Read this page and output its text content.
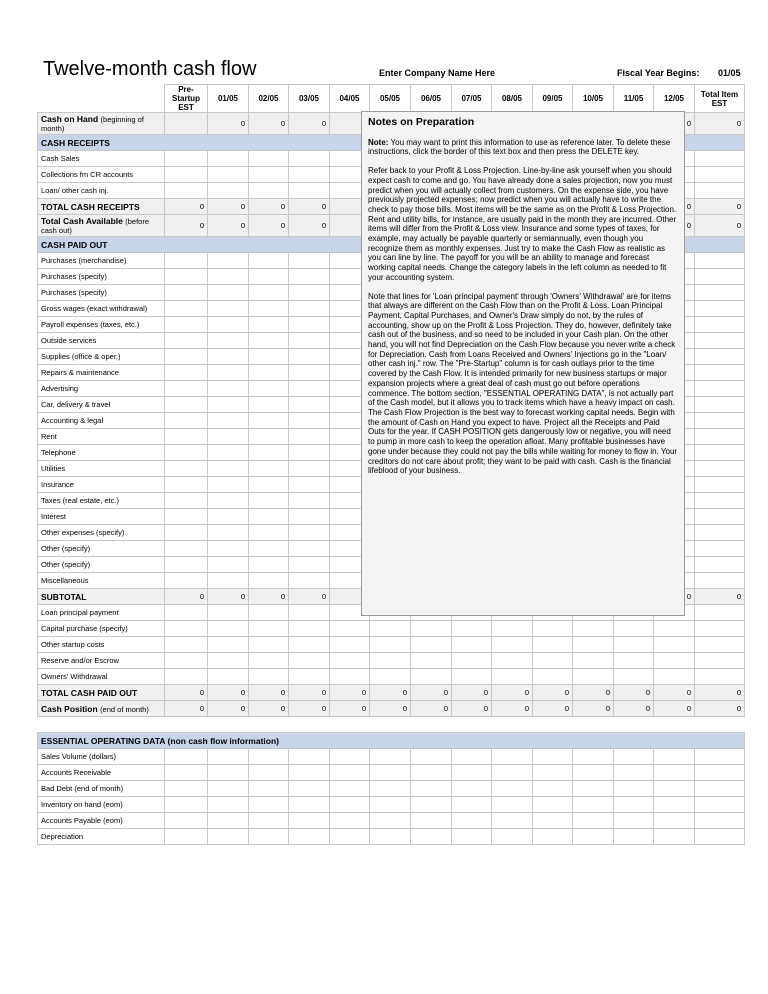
Twelve-month cash flow	Enter Company Name Here	Fiscal Year Begins: 01/05
	Pre-Startup EST	01/05	02/05	03/05	04/05	05/05	06/05	07/05	08/05	09/05	10/05	11/05	12/05	Total Item EST
Cash on Hand (beginning of month)		0	0	0									0	0
CASH RECEIPTS														
Cash Sales														
Collections fm CR accounts														
Loan/ other cash inj.														
TOTAL CASH RECEIPTS	0	0	0	0									0	0
Total Cash Available (before cash out)	0	0	0	0									0	0
CASH PAID OUT														
Purchases (merchandise)														
Purchases (specify)														
Purchases (specify)														
Gross wages (exact withdrawal)														
Payroll expenses (taxes, etc.)														
Outside services														
Supplies (office & oper.)														
Repairs & maintenance														
Advertising														
Car, delivery & travel														
Accounting & legal														
Rent														
Telephone														
Utilities														
Insurance														
Taxes (real estate, etc.)														
Interest														
Other expenses (specify)														
Other (specify)														
Other (specify)														
Miscellaneous														
SUBTOTAL	0	0	0	0									0	0
Loan principal payment														
Capital purchase (specify)														
Other startup costs														
Reserve and/or Escrow														
Owners' Withdrawal														
TOTAL CASH PAID OUT	0	0	0	0	0	0	0	0	0	0	0	0	0	0
Cash Position (end of month)	0	0	0	0	0	0	0	0	0	0	0	0	0	0

ESSENTIAL OPERATING DATA (non cash flow information)														
Sales Volume (dollars)														
Accounts Receivable														
Bad Debt (end of month)														
Inventory on hand (eom)														
Accounts Payable (eom)														
Depreciation														
Notes on Preparation

Note: You may want to print this information to use as reference later. To delete these instructions, click the border of this text box and then press the DELETE key.

Refer back to your Profit & Loss Projection. Line-by-line ask yourself when you should expect cash to come and go. You have already done a sales projection, now you must predict when you will actually collect from customers. On the expense side, you have previously projected expenses; now predict when you will actually have to write the check to pay those bills. Most items will be the same as on the Profit & Loss Projection. Rent and utility bills, for instance, are usually paid in the month they are incurred. Other items will differ from the Profit & Loss view. Insurance and some types of taxes, for example, may actually be payable quarterly or semiannually, even though you recognize them as monthly expenses. Just try to make the Cash Flow as realistic as you can line by line. The payoff for you will be an ability to manage and forecast working capital needs. Change the category labels in the left column as needed to fit your accounting system.

Note that lines for 'Loan principal payment' through 'Owners' Withdrawal' are for items that always are different on the Cash Flow than on the Profit & Loss. Loan Principal Payment, Capital Purchases, and Owner's Draw simply do not, by the rules of accounting, show up on the Profit & Loss Projection. They do, however, definitely take cash out of the business, and so need to be included in your Cash plan. On the other hand, you will not find Depreciation on the Cash Flow because you never write a check for Depreciation. Cash from Loans Received and Owners' Injections go in the "Loan/ other cash inj." row. The "Pre-Startup" column is for cash outlays prior to the time covered by the Cash Flow. It is intended primarily for new business startups or major expansion projects where a great deal of cash must go out before operations commence. The bottom section, "ESSENTIAL OPERATING DATA", is not actually part of the Cash model, but it allows you to track items which have a heavy impact on cash. The Cash Flow Projection is the best way to forecast working capital needs. Begin with the amount of Cash on Hand you expect to have. Project all the Receipts and Paid Outs for the year. If CASH POSITION gets dangerously low or negative, you will need to pump in more cash to keep the operation afloat. Many profitable businesses have gone under because they could not pay the bills while waiting for money to flow in. Your creditors do not care about profit; they want to be paid with cash. Cash is the financial lifeblood of your business.
